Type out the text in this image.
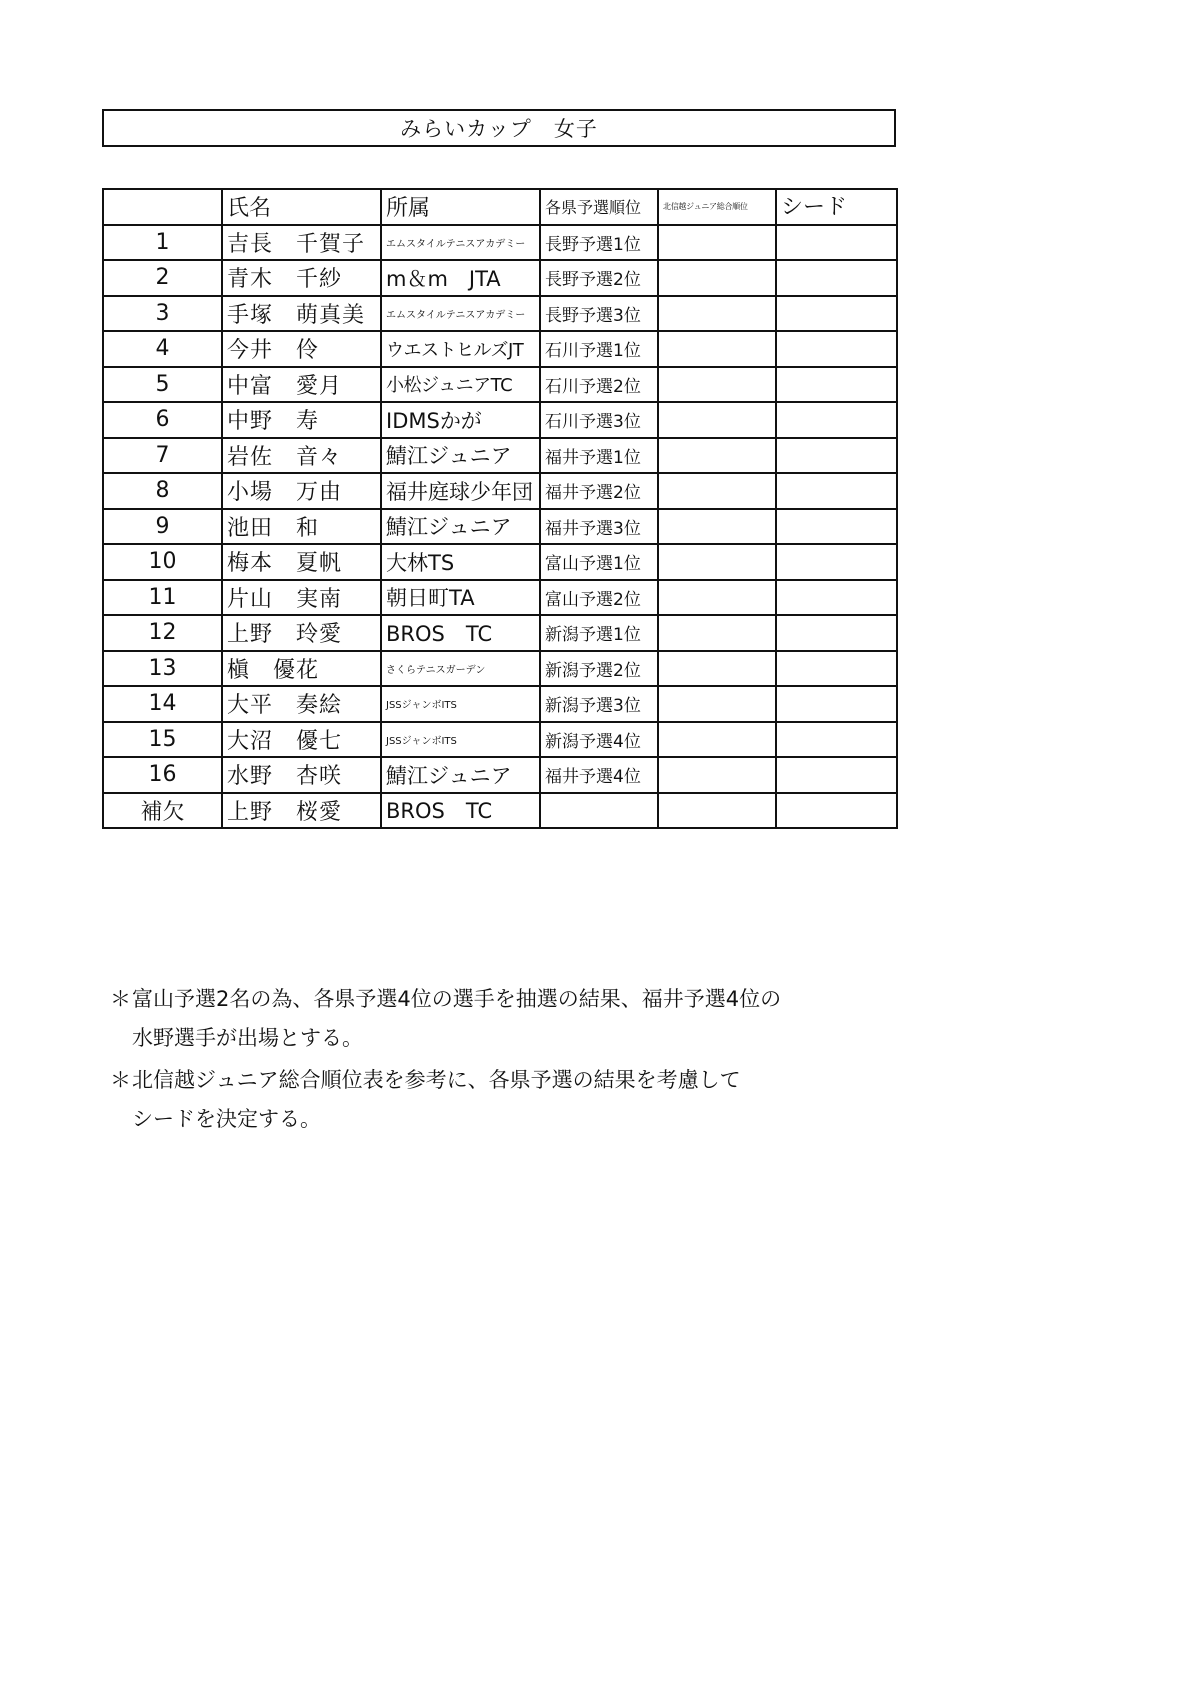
みらいカップ　女子
	氏名	所属	各県予選順位	北信越ジュニア総合順位	シード
1	吉長　千賀子	エムスタイルテニスアカデミー	長野予選1位		
2	青木　千紗	m＆m　JTA	長野予選2位		
3	手塚　萌真美	エムスタイルテニスアカデミー	長野予選3位		
4	今井　伶	ウエストヒルズJT	石川予選1位		
5	中富　愛月	小松ジュニアTC	石川予選2位		
6	中野　寿	IDMSかが	石川予選3位		
7	岩佐　音々	鯖江ジュニア	福井予選1位		
8	小場　万由	福井庭球少年団	福井予選2位		
9	池田　和	鯖江ジュニア	福井予選3位		
10	梅本　夏帆	大林TS	富山予選1位		
11	片山　実南	朝日町TA	富山予選2位		
12	上野　玲愛	BROS　TC	新潟予選1位		
13	槇　優花	さくらテニスガーデン	新潟予選2位		
14	大平　奏絵	JSSジャンボITS	新潟予選3位		
15	大沼　優七	JSSジャンボITS	新潟予選4位		
16	水野　杏咲	鯖江ジュニア	福井予選4位		
補欠	上野　桜愛	BROS　TC			

＊富山予選2名の為、各県予選4位の選手を抽選の結果、福井予選4位の
水野選手が出場とする。

＊北信越ジュニア総合順位表を参考に、各県予選の結果を考慮して
シードを決定する。
